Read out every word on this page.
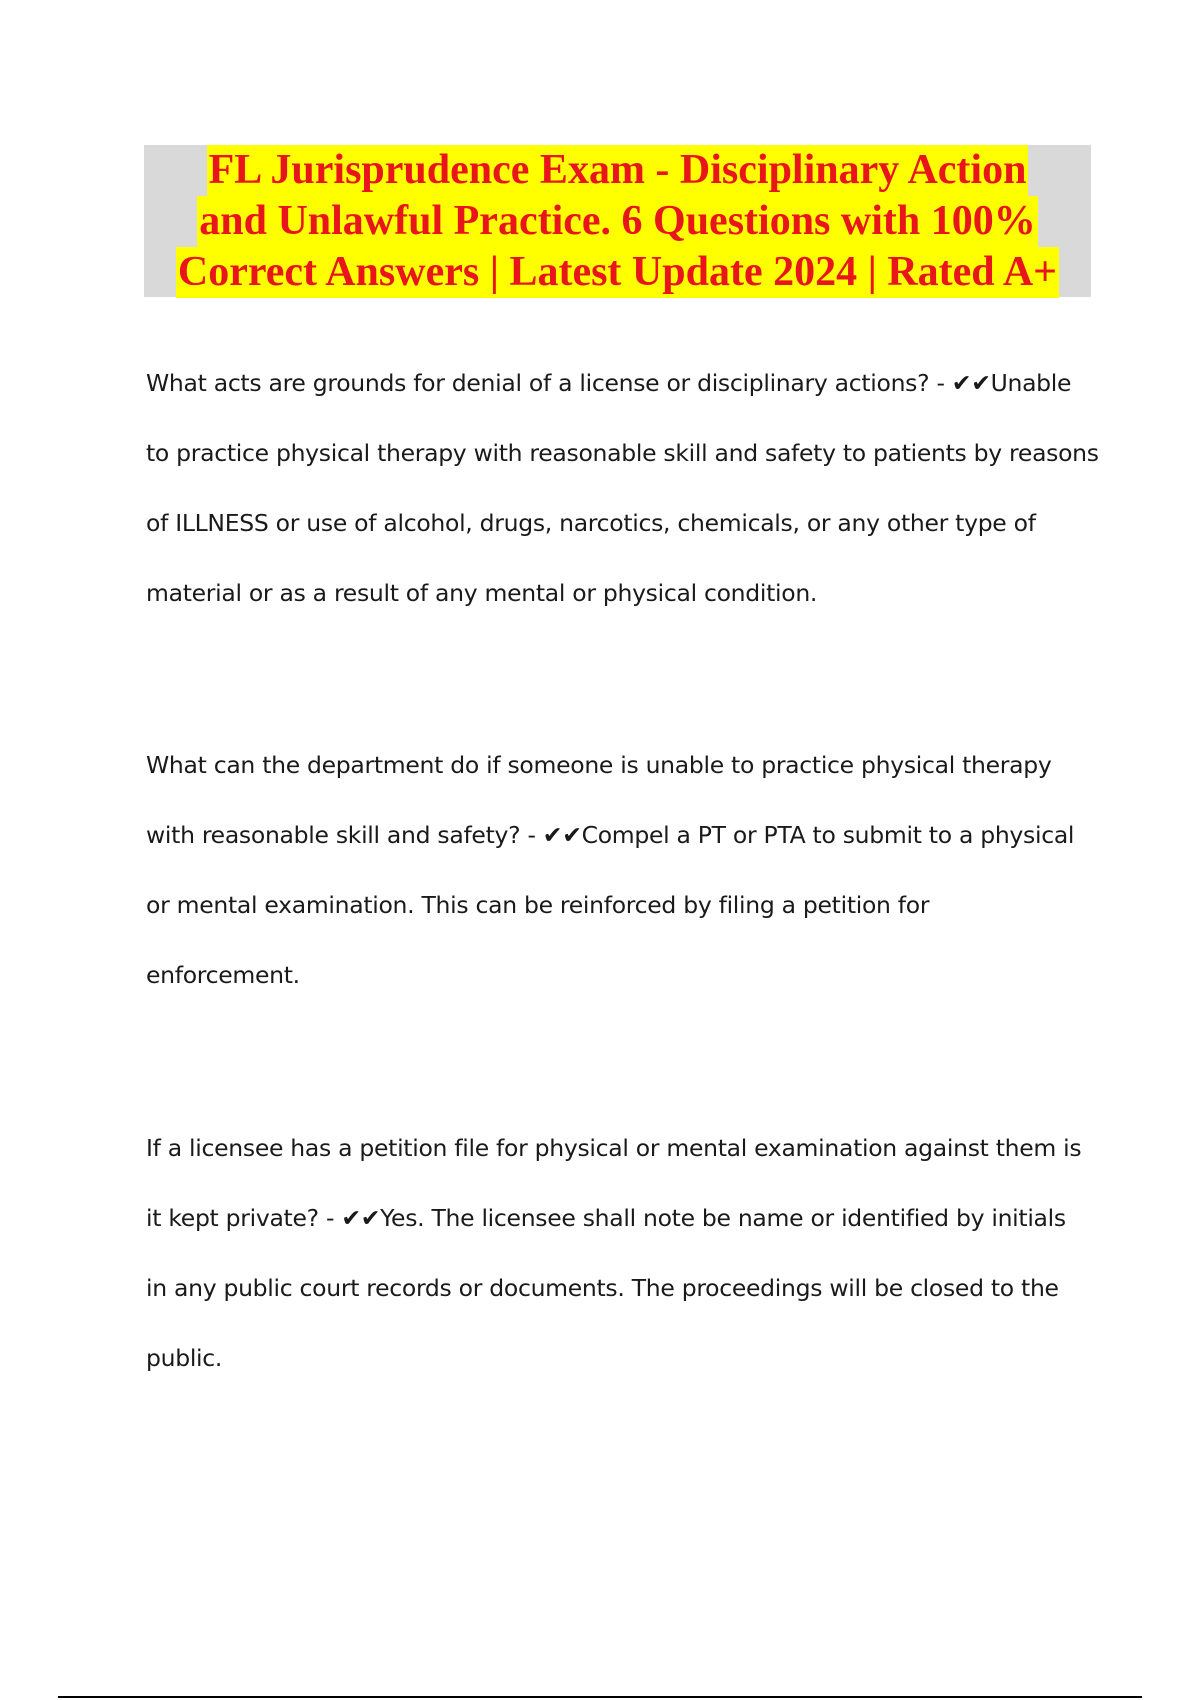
FL Jurisprudence Exam - Disciplinary Action
and Unlawful Practice. 6 Questions with 100%
Correct Answers | Latest Update 2024 | Rated A+
What acts are grounds for denial of a license or disciplinary actions? - ✔✔Unable
to practice physical therapy with reasonable skill and safety to patients by reasons
of ILLNESS or use of alcohol, drugs, narcotics, chemicals, or any other type of
material or as a result of any mental or physical condition.
What can the department do if someone is unable to practice physical therapy
with reasonable skill and safety? - ✔✔Compel a PT or PTA to submit to a physical
or mental examination. This can be reinforced by filing a petition for
enforcement.
If a licensee has a petition file for physical or mental examination against them is
it kept private? - ✔✔Yes. The licensee shall note be name or identified by initials
in any public court records or documents. The proceedings will be closed to the
public.
